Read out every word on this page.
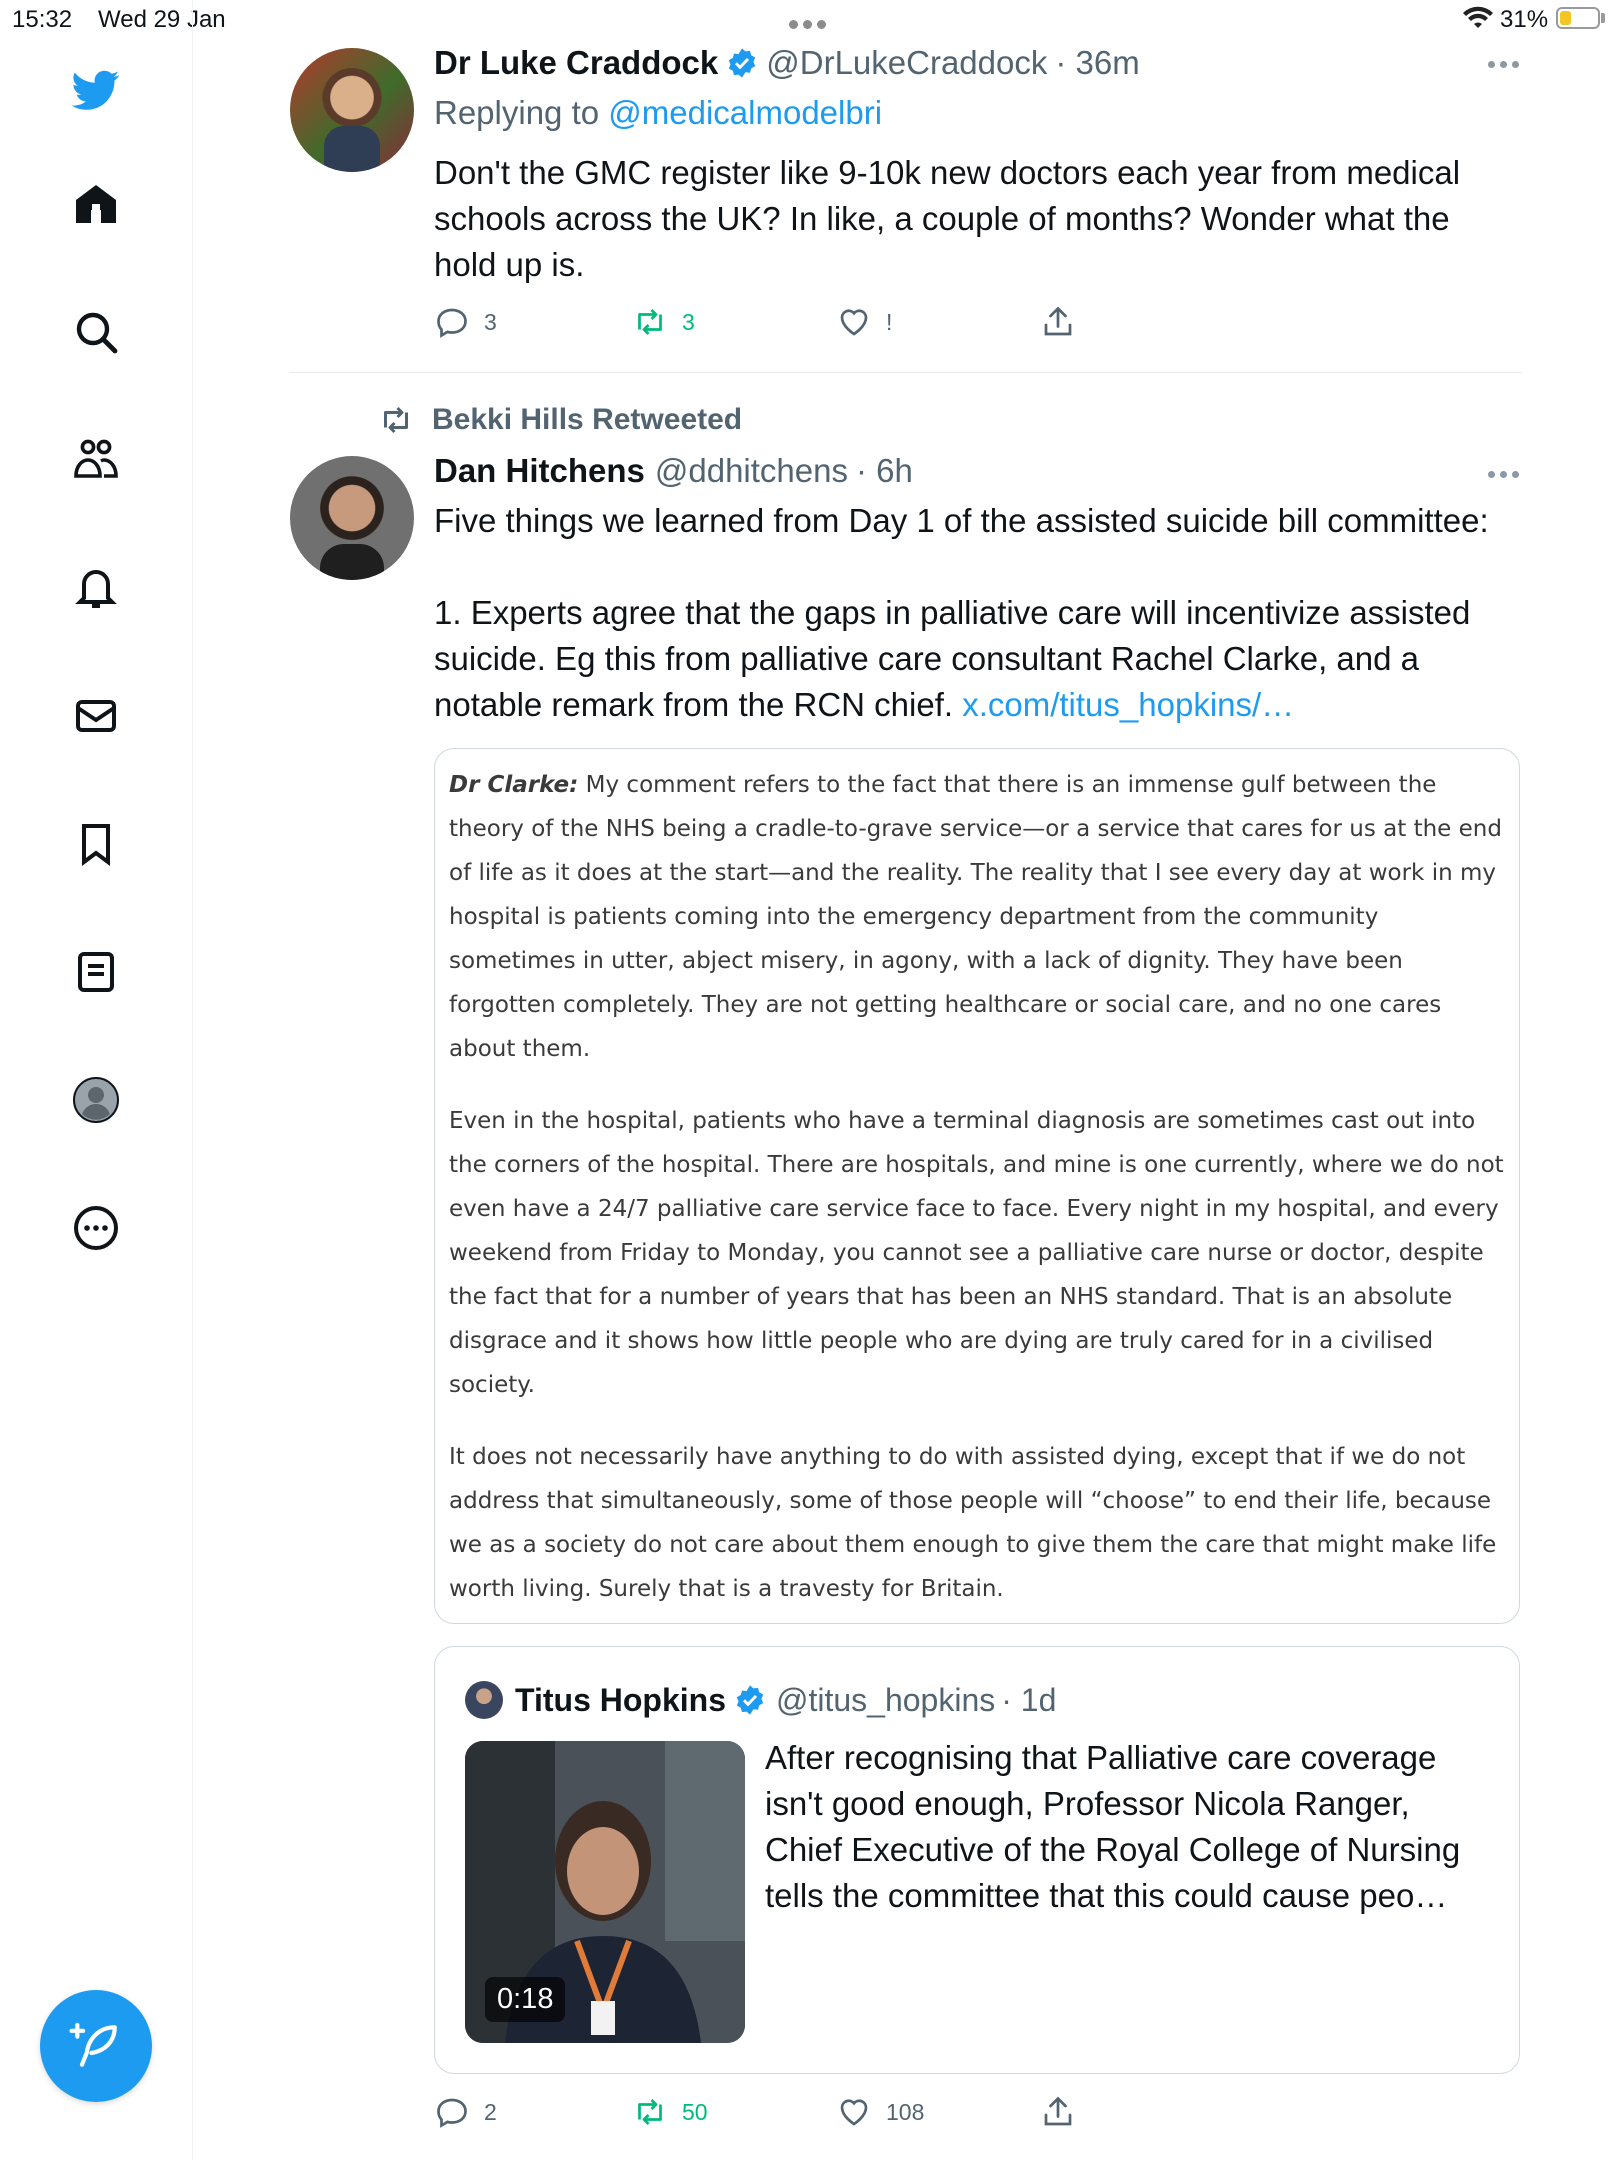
15:32 Wed 29 Jan	31%
Dr Luke Craddock @DrLukeCraddock · 36m
Replying to @medicalmodelbri
Don't the GMC register like 9-10k new doctors each year from medical schools across the UK? In like, a couple of months? Wonder what the hold up is.
3	3	!
Bekki Hills Retweeted
Dan Hitchens @ddhitchens · 6h
Five things we learned from Day 1 of the assisted suicide bill committee:
1. Experts agree that the gaps in palliative care will incentivize assisted suicide. Eg this from palliative care consultant Rachel Clarke, and a notable remark from the RCN chief. x.com/titus_hopkins/…

Dr Clarke: My comment refers to the fact that there is an immense gulf between the theory of the NHS being a cradle-to-grave service—or a service that cares for us at the end of life as it does at the start—and the reality. The reality that I see every day at work in my hospital is patients coming into the emergency department from the community sometimes in utter, abject misery, in agony, with a lack of dignity. They have been forgotten completely. They are not getting healthcare or social care, and no one cares about them.

Even in the hospital, patients who have a terminal diagnosis are sometimes cast out into the corners of the hospital. There are hospitals, and mine is one currently, where we do not even have a 24/7 palliative care service face to face. Every night in my hospital, and every weekend from Friday to Monday, you cannot see a palliative care nurse or doctor, despite the fact that for a number of years that has been an NHS standard. That is an absolute disgrace and it shows how little people who are dying are truly cared for in a civilised society.

It does not necessarily have anything to do with assisted dying, except that if we do not address that simultaneously, some of those people will “choose” to end their life, because we as a society do not care about them enough to give them the care that might make life worth living. Surely that is a travesty for Britain.

Titus Hopkins @titus_hopkins · 1d
0:18
After recognising that Palliative care coverage isn't good enough, Professor Nicola Ranger, Chief Executive of the Royal College of Nursing tells the committee that this could cause peo…
2	50	108
